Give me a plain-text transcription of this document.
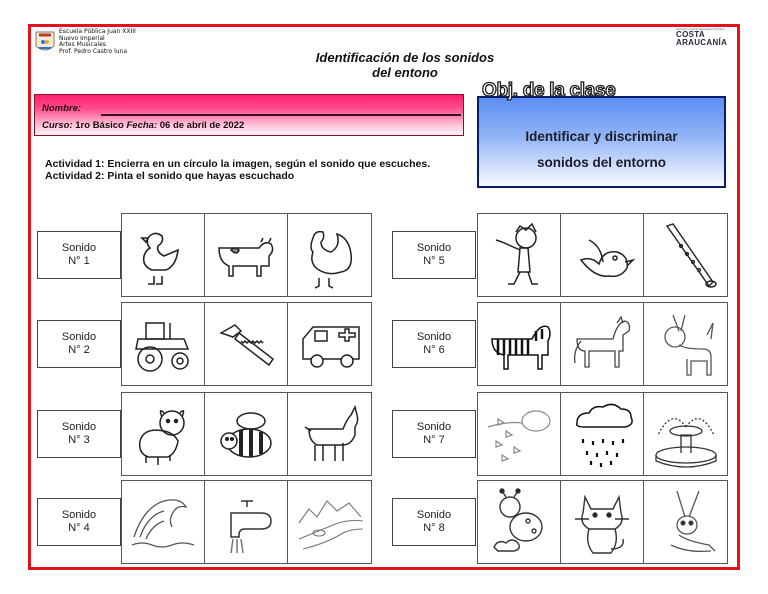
Escuela Pública Juan XXIII
Nuevo Imperial
Artes Musicales
Prof. Pedro Castro luna	Identificación de los sonidos
del entono
Servicio Local de Educación Pública
COSTA
ARAUCANÍA
Nombre:
Curso: 1ro Básico Fecha: 06 de abril de 2022
Identificar y discriminar
sonidos del entorno
Obj. de la clase
Actividad 1: Encierra en un círculo la imagen, según el sonido que escuches.
Actividad 2: Pinta el sonido que hayas escuchado
Sonido
N° 1
Sonido
N° 2
Sonido
N° 3
Sonido
N° 4
Sonido
N° 5
Sonido
N° 6
Sonido
N° 7
Sonido
N° 8
